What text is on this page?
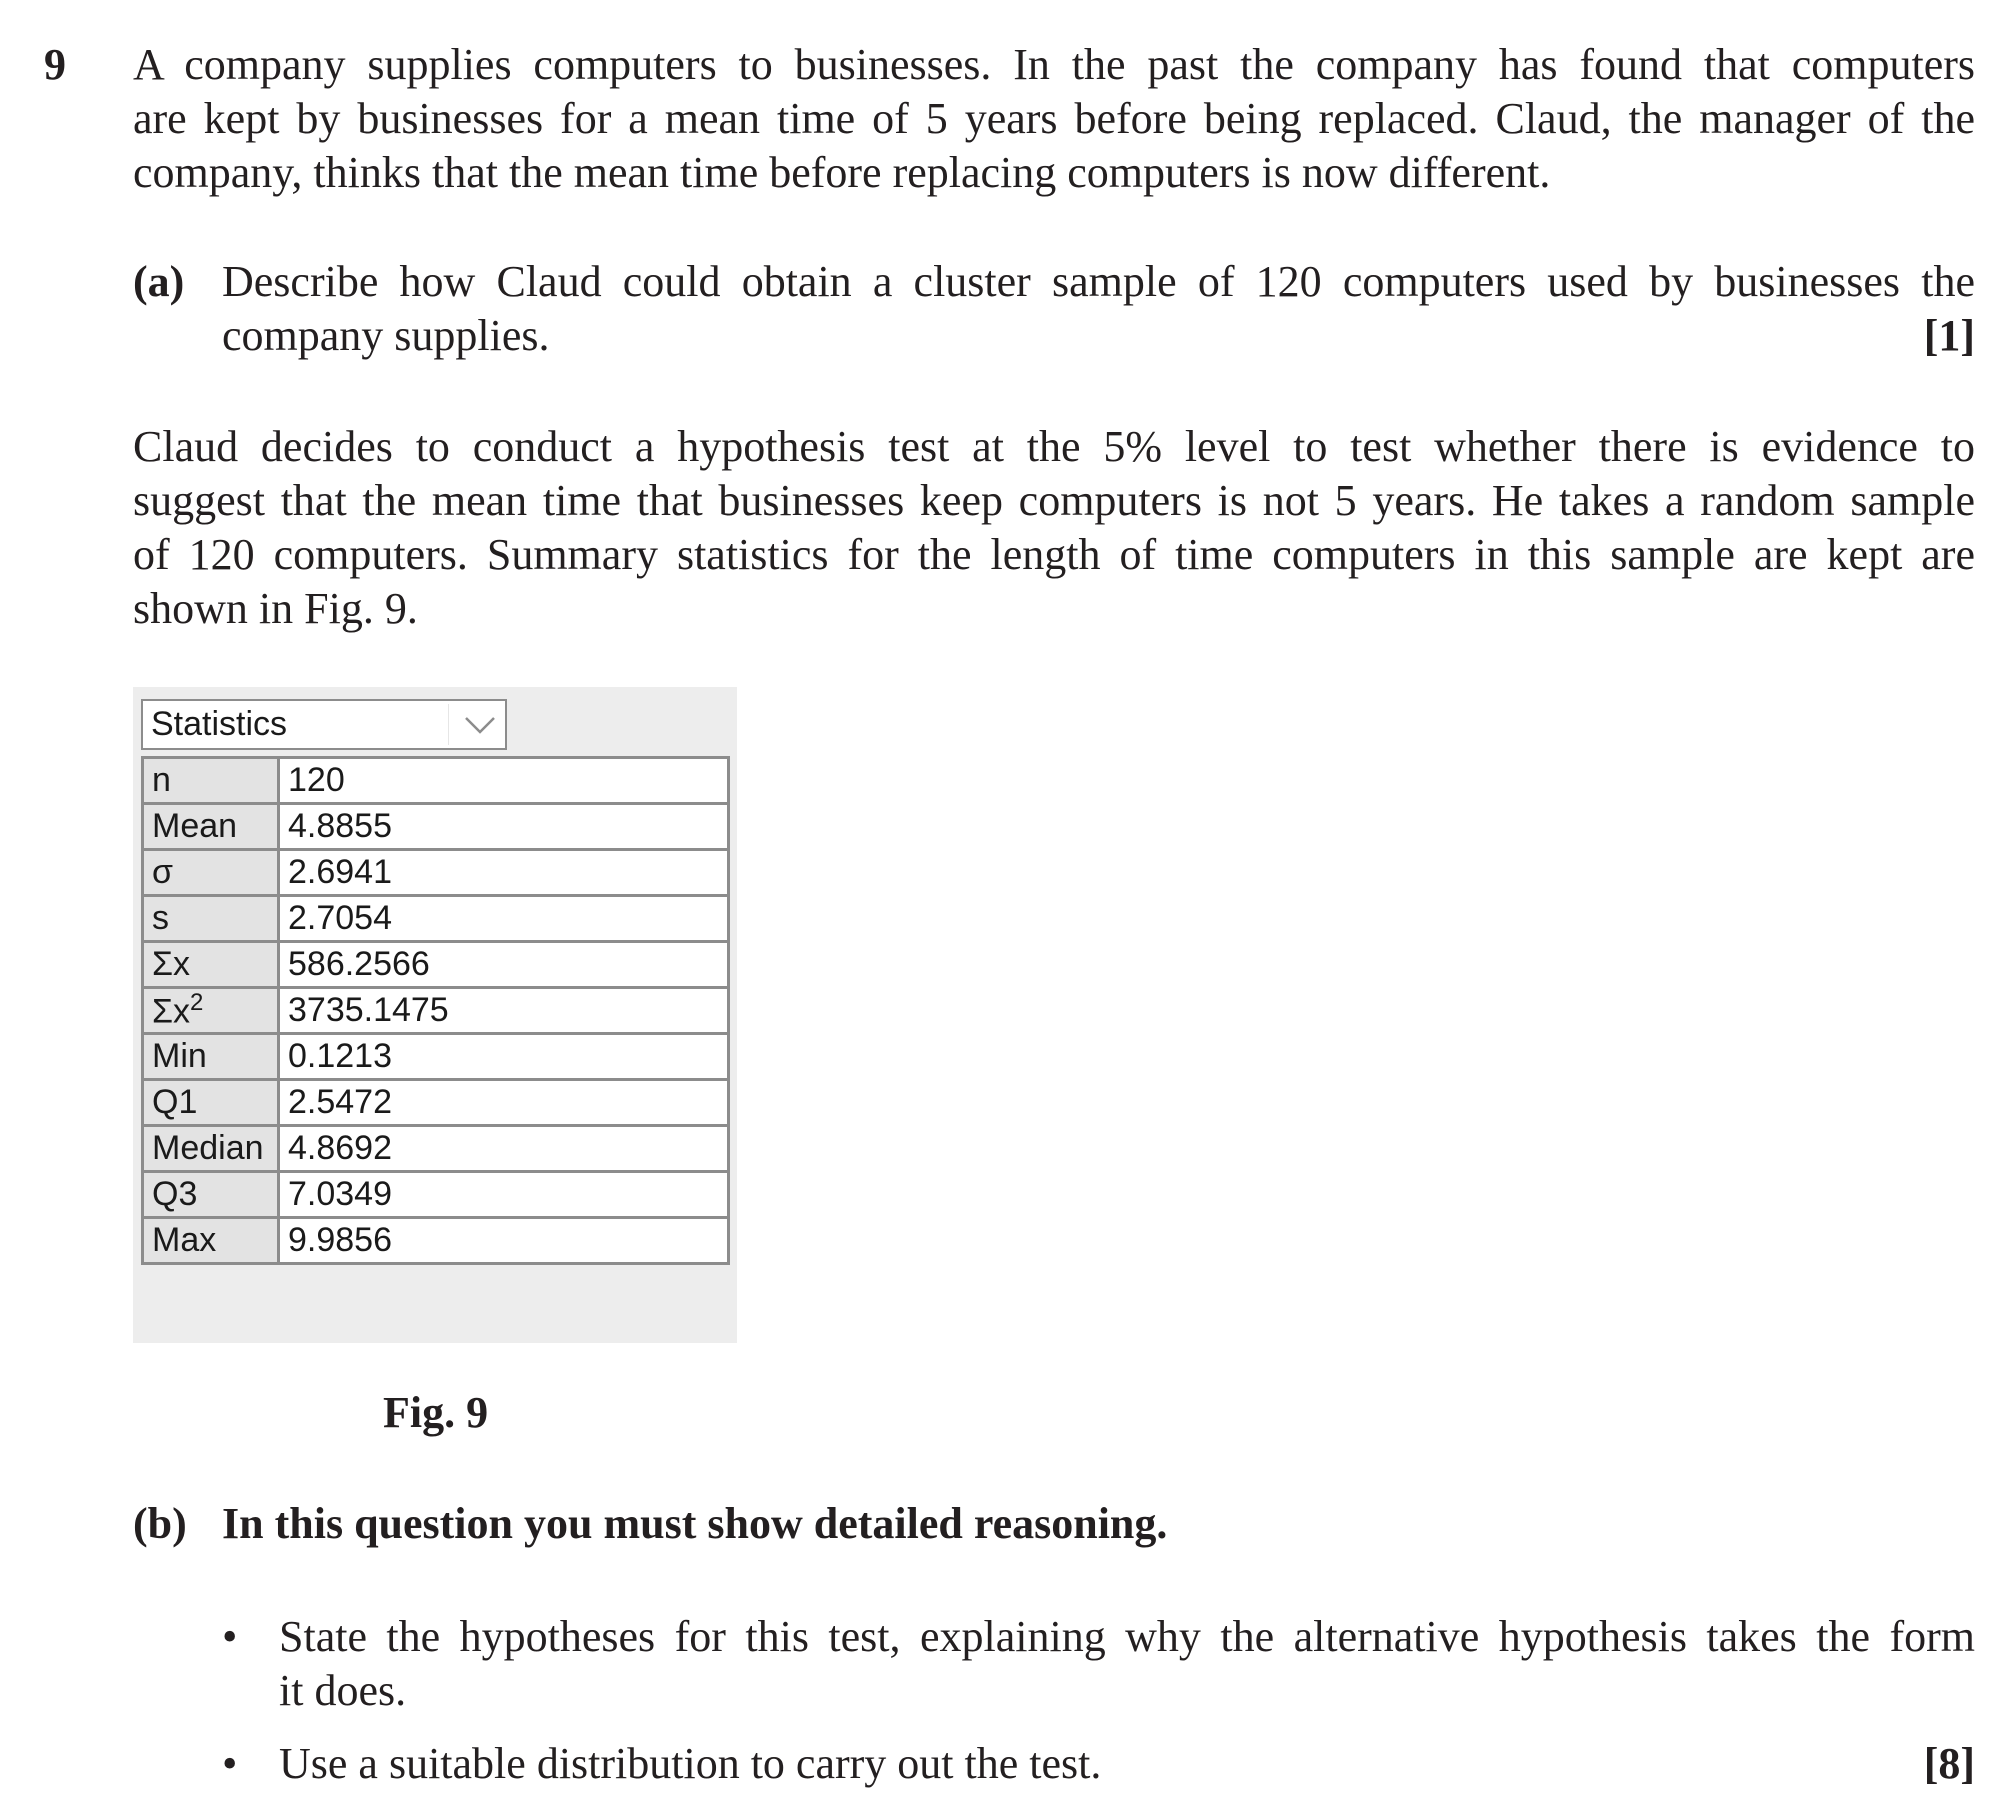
9 A company supplies computers to businesses. In the past the company has found that computers
are kept by businesses for a mean time of 5 years before being replaced. Claud, the manager of the
company, thinks that the mean time before replacing computers is now different.
(a) Describe how Claud could obtain a cluster sample of 120 computers used by businesses the
company supplies.	[1]
Claud decides to conduct a hypothesis test at the 5% level to test whether there is evidence to
suggest that the mean time that businesses keep computers is not 5 years. He takes a random sample
of 120 computers. Summary statistics for the length of time computers in this sample are kept are
shown in Fig. 9.
Statistics
n	120
Mean	4.8855
σ	2.6941
s	2.7054
Σx	586.2566
$\Sigma x^2$	3735.1475
Min	0.1213
Q1	2.5472
Median	4.8692
Q3	7.0349
Max	9.9856
Fig. 9
(b) In this question you must show detailed reasoning.
• State the hypotheses for this test, explaining why the alternative hypothesis takes the form
it does.
• Use a suitable distribution to carry out the test.	[8]
